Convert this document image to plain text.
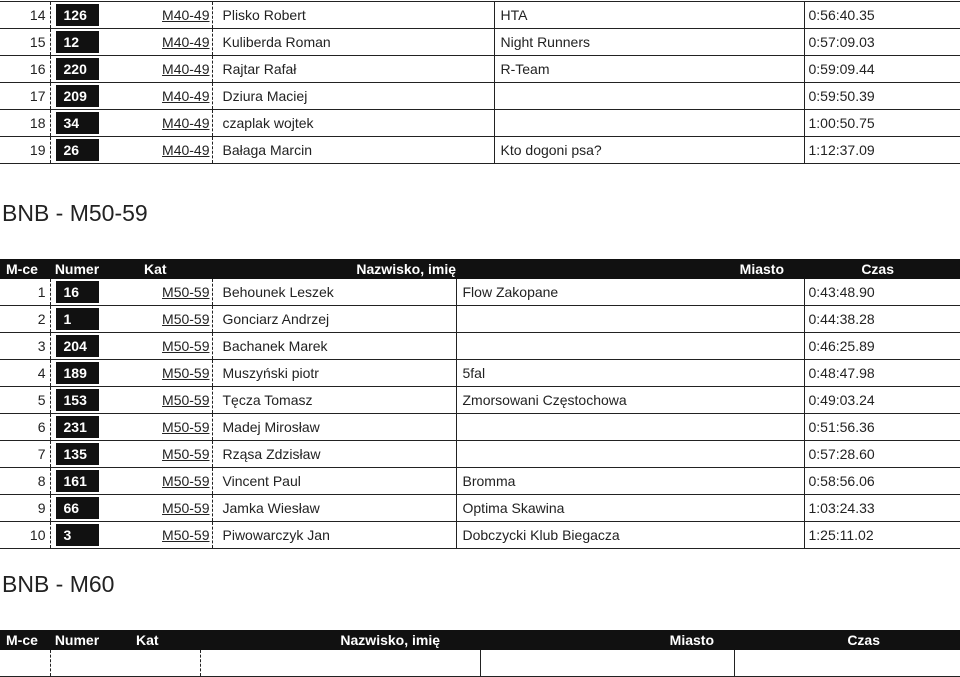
14	126	M40-49	Plisko Robert	HTA	0:56:40.35
15	12	M40-49	Kuliberda Roman	Night Runners	0:57:09.03
16	220	M40-49	Rajtar Rafał	R-Team	0:59:09.44
17	209	M40-49	Dziura Maciej		0:59:50.39
18	34	M40-49	czaplak wojtek		1:00:50.75
19	26	M40-49	Bałaga Marcin	Kto dogoni psa?	1:12:37.09
BNB - M50-59
M-ce	Numer	Kat	Nazwisko, imię	Miasto	Czas
1	16	M50-59	Behounek Leszek	Flow Zakopane	0:43:48.90
2	1	M50-59	Gonciarz Andrzej		0:44:38.28
3	204	M50-59	Bachanek Marek		0:46:25.89
4	189	M50-59	Muszyński piotr	5fal	0:48:47.98
5	153	M50-59	Tęcza Tomasz	Zmorsowani Częstochowa	0:49:03.24
6	231	M50-59	Madej Mirosław		0:51:56.36
7	135	M50-59	Rząsa Zdzisław		0:57:28.60
8	161	M50-59	Vincent Paul	Bromma	0:58:56.06
9	66	M50-59	Jamka Wiesław	Optima Skawina	1:03:24.33
10	3	M50-59	Piwowarczyk Jan	Dobczycki Klub Biegacza	1:25:11.02
BNB - M60
M-ce	Numer	Kat	Nazwisko, imię	Miasto	Czas
